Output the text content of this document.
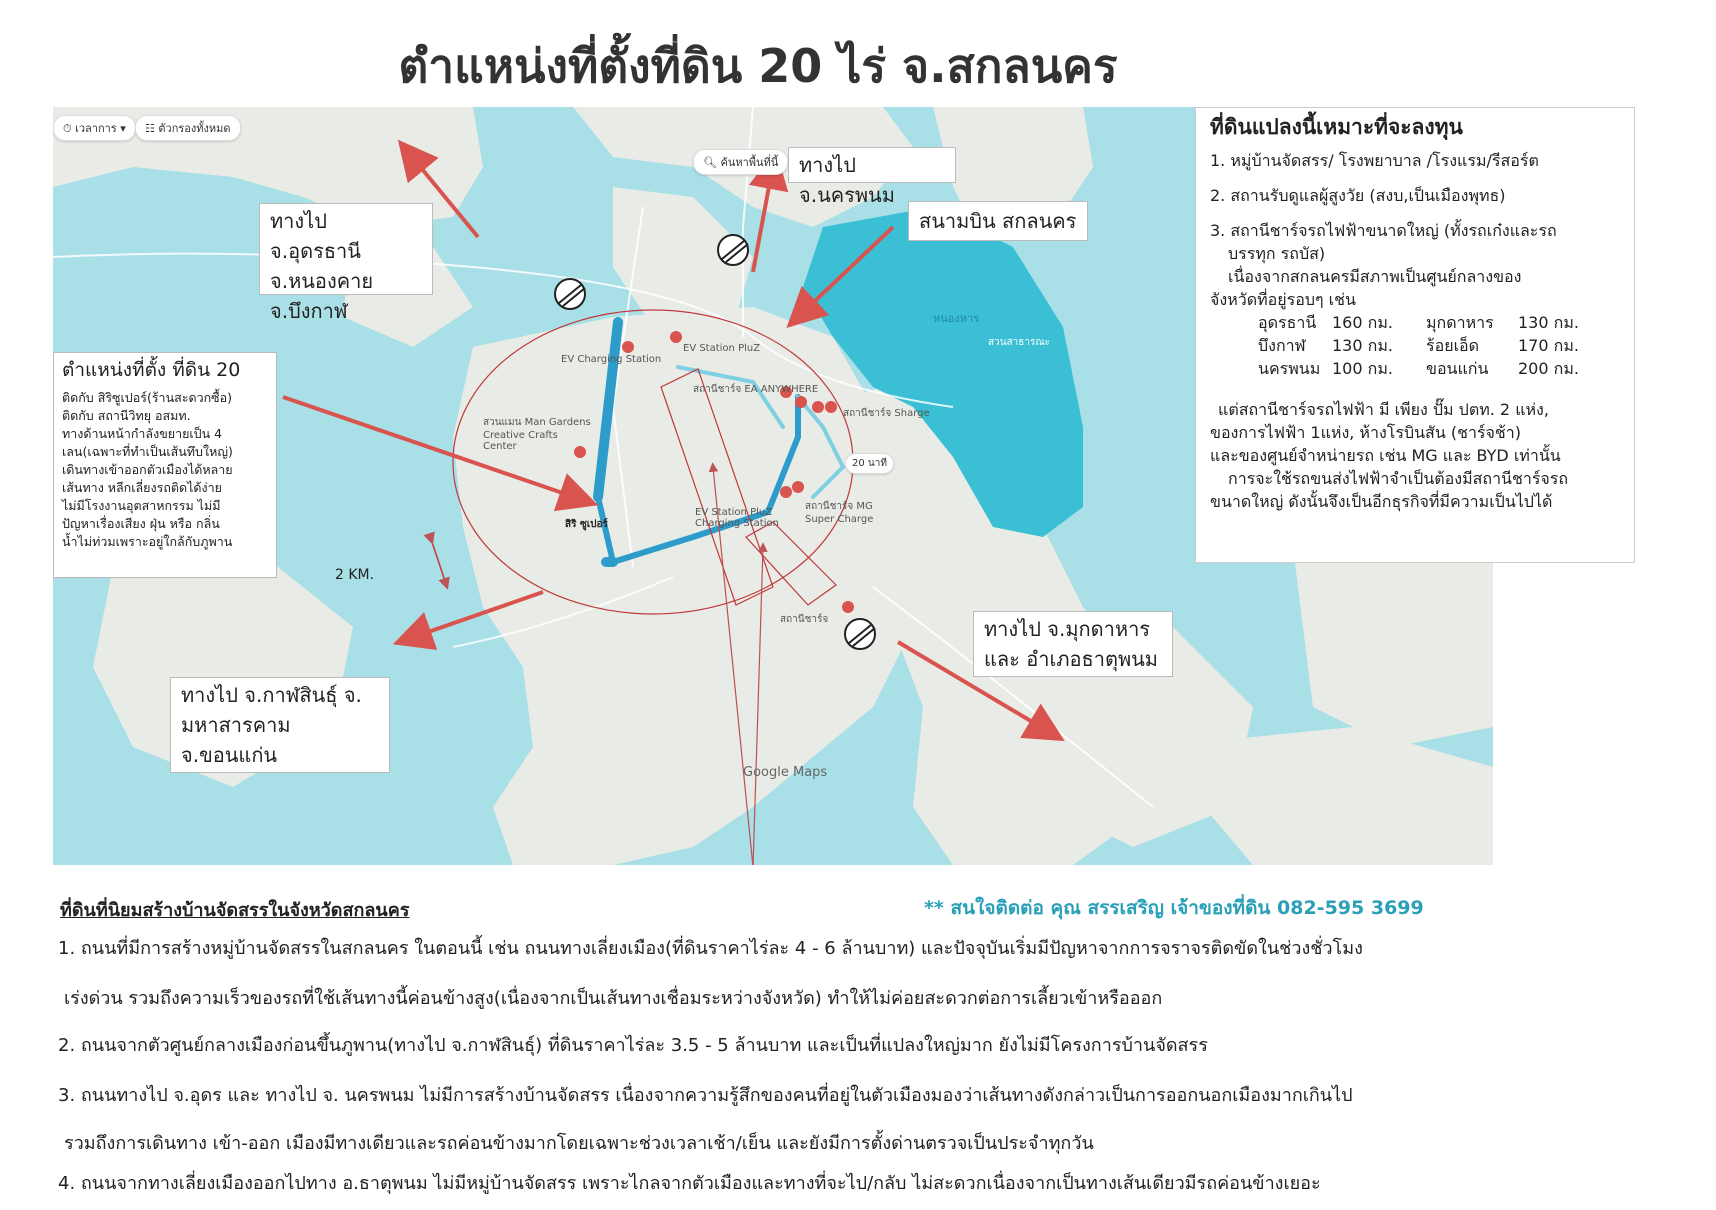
ตำแหน่งที่ตั้งที่ดิน 20 ไร่ จ.สกลนคร
หนองหาร
⏱ เวลาการ ▾	☷ ตัวกรองทั้งหมด
🔍︎ ค้นหาพื้นที่นี้
EV Charging Station
EV Station PluZ
สถานีชาร์จ EA ANYWHERE
สถานีชาร์จ Sharge
สวนแมน Man Gardens Creative Crafts Center
EV Station PluZ Charging Station
สถานีชาร์จ MG Super Charge
สิริ ซูเปอร์
20 นาที
สถานีชาร์จ
สวนสาธารณะ
Google Maps
2 KM.
ทางไป จ.นครพนม
สนามบิน สกลนคร
ทางไป จ.อุดรธานี
จ.หนองคาย
จ.บึงกาฬ
ทางไป จ.มุกดาหาร
และ อำเภอธาตุพนม
ทางไป จ.กาฬสินธุ์ จ.
มหาสารคาม
จ.ขอนแก่น
ตำแหน่งที่ตั้ง ที่ดิน 20
ติดกับ สิริซูเปอร์(ร้านสะดวกซื้อ)
ติดกับ สถานีวิทยุ อสมท.
ทางด้านหน้ากำลังขยายเป็น 4
เลน(เฉพาะที่ทำเป็นเส้นทึบใหญ่)
เดินทางเข้าออกตัวเมืองได้หลาย
เส้นทาง หลีกเลี่ยงรถติดได้ง่าย
ไม่มีโรงงานอุตสาหกรรม ไม่มี
ปัญหาเรื่องเสียง ฝุ่น หรือ กลิ่น
น้ำไม่ท่วมเพราะอยู่ใกล้กับภูพาน
ที่ดินแปลงนี้เหมาะที่จะลงทุน

1. หมู่บ้านจัดสรร/ โรงพยาบาล /โรงแรม/รีสอร์ต

2. สถานรับดูแลผู้สูงวัย (สงบ,เป็นเมืองพุทธ)

3. สถานีชาร์จรถไฟฟ้าขนาดใหญ่ (ทั้งรถเก๋งและรถ

บรรทุก รถบัส)

เนื่องจากสกลนครมีสภาพเป็นศูนย์กลางของ

จังหวัดที่อยู่รอบๆ เช่น

อุดรธานี 160 กม.	มุกดาหาร	130 กม.
บึงกาฬ	130 กม.	ร้อยเอ็ด	170 กม.
นครพนม 100 กม.	ขอนแก่น	200 กม.

แต่สถานีชาร์จรถไฟฟ้า มี เพียง ปั๊ม ปตท. 2 แห่ง,

ของการไฟฟ้า 1แห่ง, ห้างโรบินสัน (ชาร์จช้า)

และของศูนย์จำหน่ายรถ เช่น MG และ BYD เท่านั้น

การจะใช้รถขนส่งไฟฟ้าจำเป็นต้องมีสถานีชาร์จรถ

ขนาดใหญ่ ดังนั้นจึงเป็นอีกธุรกิจที่มีความเป็นไปได้

ที่ดินที่นิยมสร้างบ้านจัดสรรในจังหวัดสกลนคร	** สนใจติดต่อ คุณ สรรเสริญ เจ้าของที่ดิน 082-595 3699
1. ถนนที่มีการสร้างหมู่บ้านจัดสรรในสกลนคร ในตอนนี้ เช่น ถนนทางเลี่ยงเมือง(ที่ดินราคาไร่ละ 4 - 6 ล้านบาท) และปัจจุบันเริ่มมีปัญหาจากการจราจรติดขัดในช่วงชั่วโมง
เร่งด่วน รวมถึงความเร็วของรถที่ใช้เส้นทางนี้ค่อนข้างสูง(เนื่องจากเป็นเส้นทางเชื่อมระหว่างจังหวัด) ทำให้ไม่ค่อยสะดวกต่อการเลี้ยวเข้าหรือออก
2. ถนนจากตัวศูนย์กลางเมืองก่อนขึ้นภูพาน(ทางไป จ.กาฬสินธุ์) ที่ดินราคาไร่ละ 3.5 - 5 ล้านบาท และเป็นที่แปลงใหญ่มาก ยังไม่มีโครงการบ้านจัดสรร
3. ถนนทางไป จ.อุดร และ ทางไป จ. นครพนม ไม่มีการสร้างบ้านจัดสรร เนื่องจากความรู้สึกของคนที่อยู่ในตัวเมืองมองว่าเส้นทางดังกล่าวเป็นการออกนอกเมืองมากเกินไป
รวมถึงการเดินทาง เข้า-ออก เมืองมีทางเดียวและรถค่อนข้างมากโดยเฉพาะช่วงเวลาเช้า/เย็น และยังมีการตั้งด่านตรวจเป็นประจำทุกวัน
4. ถนนจากทางเลี่ยงเมืองออกไปทาง อ.ธาตุพนม ไม่มีหมู่บ้านจัดสรร เพราะไกลจากตัวเมืองและทางที่จะไป/กลับ ไม่สะดวกเนื่องจากเป็นทางเส้นเดียวมีรถค่อนข้างเยอะ
